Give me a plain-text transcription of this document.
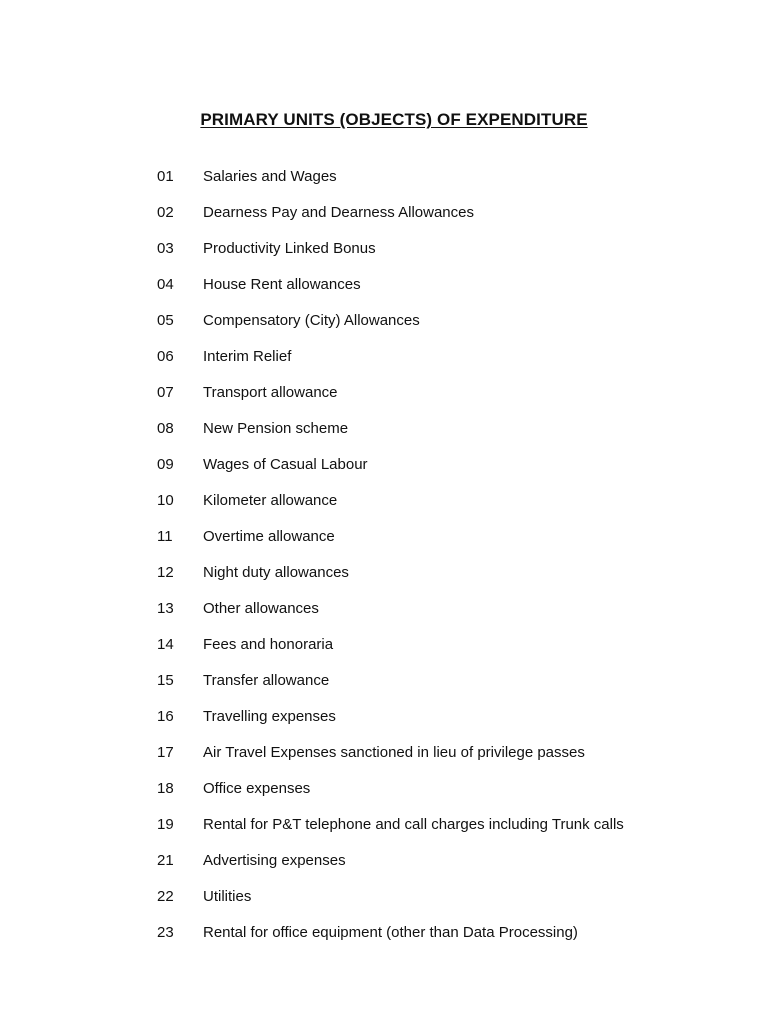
PRIMARY UNITS (OBJECTS) OF EXPENDITURE
01	Salaries and Wages
02	Dearness Pay and Dearness Allowances
03	Productivity Linked Bonus
04	House Rent allowances
05	Compensatory (City) Allowances
06	Interim Relief
07	Transport allowance
08	New Pension scheme
09	Wages of Casual Labour
10	Kilometer allowance
11	Overtime allowance
12	Night duty allowances
13	Other allowances
14	Fees and honoraria
15	Transfer allowance
16	Travelling expenses
17	Air Travel Expenses sanctioned in lieu of privilege passes
18	Office expenses
19	Rental for P&T telephone and call charges including Trunk calls
21	Advertising expenses
22	Utilities
23	Rental for office equipment (other than Data Processing)
